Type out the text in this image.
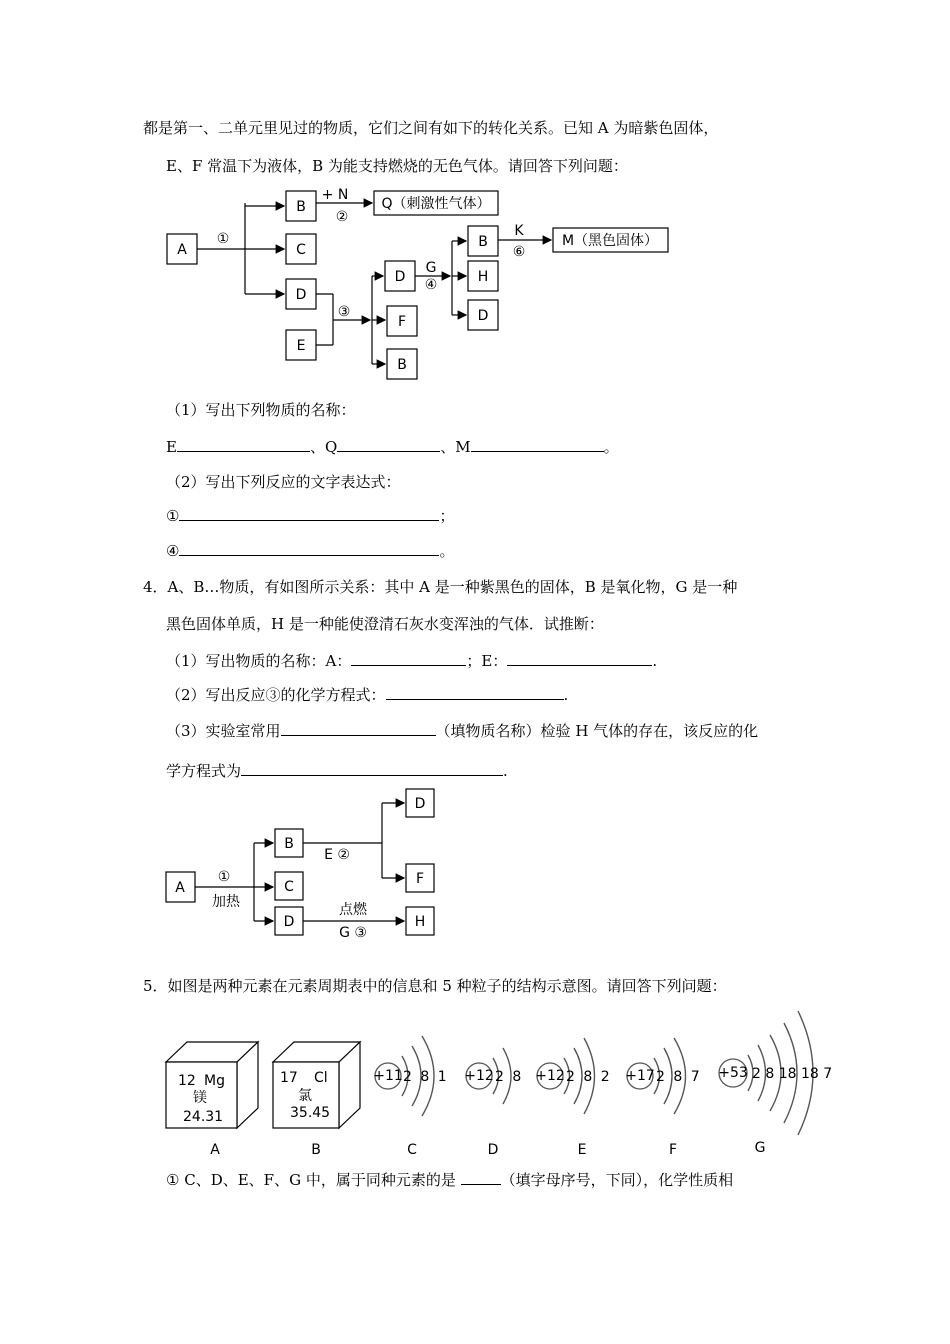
都是第一、二单元里见过的物质，它们之间有如下的转化关系。已知 A 为暗紫色固体，
E、F 常温下为液体，B 为能支持燃烧的无色气体。请回答下列问题：
A
B
C
D
E
Q（刺激性气体）
D
F
B
B
H
D
M（黑色固体）
①
+ N
②
③
G
④
K
⑥
（1）写出下列物质的名称：
E	、Q	、M	。
（2）写出下列反应的文字表达式：
①	；
④	。
4．A、B…物质，有如图所示关系：其中 A 是一种紫黑色的固体，B 是氧化物，G 是一种
黑色固体单质，H 是一种能使澄清石灰水变浑浊的气体．试推断：
（1）写出物质的名称：A：	；E：	.
（2）写出反应③的化学方程式：	.
（3）实验室常用	（填物质名称）检验 H 气体的存在，该反应的化
学方程式为	.
A
B
C
D
D
F
H
①
加热
E ②
点燃
G ③
5．如图是两种元素在元素周期表中的信息和 5 种粒子的结构示意图。请回答下列问题：
12 Mg
镁
24.31
17 Cl
氯
35.45
+11 2 8 1 +12 2 8 +12 2 8 2 +17 2 8 7 +53 2 8 18 18 7
A	B	C	D	E	F	G
① C、D、E、F、G 中，属于同种元素的是	（填字母序号，下同），化学性质相
